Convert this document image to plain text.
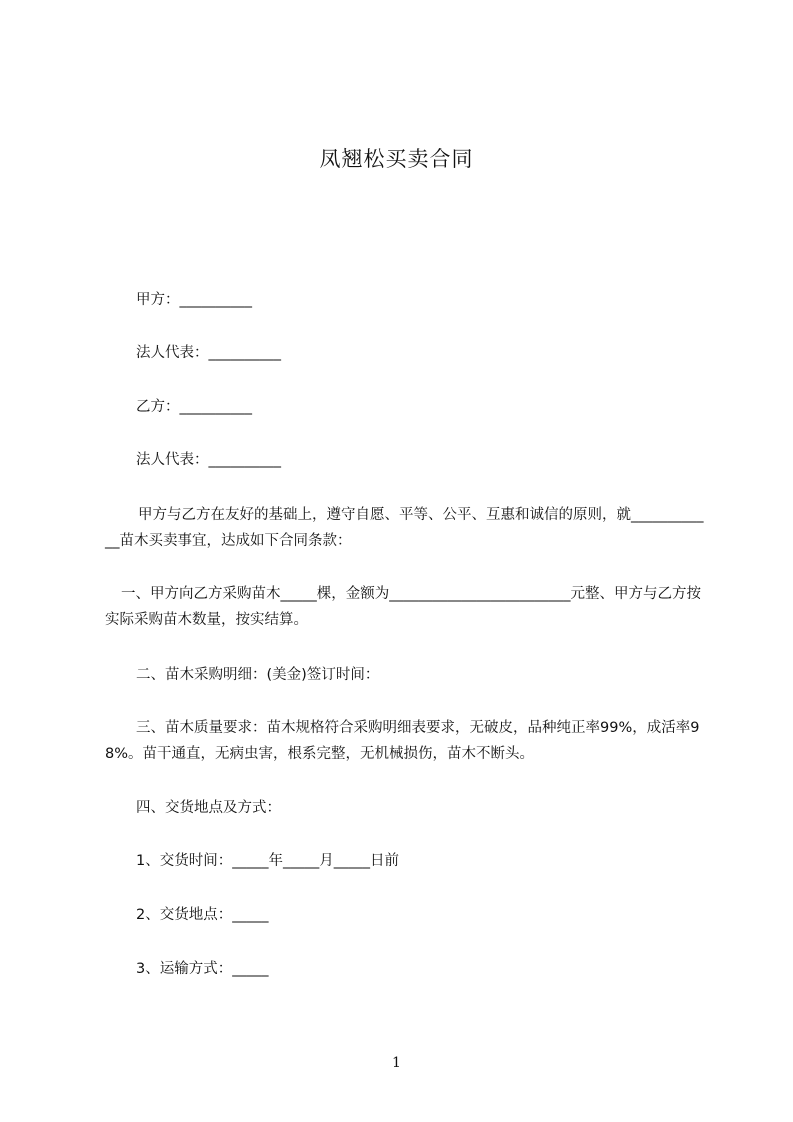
凤翘松买卖合同

甲方：__________

法人代表：__________

乙方：__________

法人代表：__________

甲方与乙方在友好的基础上，遵守自愿、平等、公平、互惠和诚信的原则，就____________苗木买卖事宜，达成如下合同条款：

一、甲方向乙方采购苗木_____棵，金额为_________________________元整、甲方与乙方按实际采购苗木数量，按实结算。

二、苗木采购明细：(美金)签订时间：

三、苗木质量要求：苗木规格符合采购明细表要求，无破皮，品种纯正率99%，成活率98%。苗干通直，无病虫害，根系完整，无机械损伤，苗木不断头。

四、交货地点及方式：

1、交货时间：_____年_____月_____日前

2、交货地点：_____

3、运输方式：_____

1
